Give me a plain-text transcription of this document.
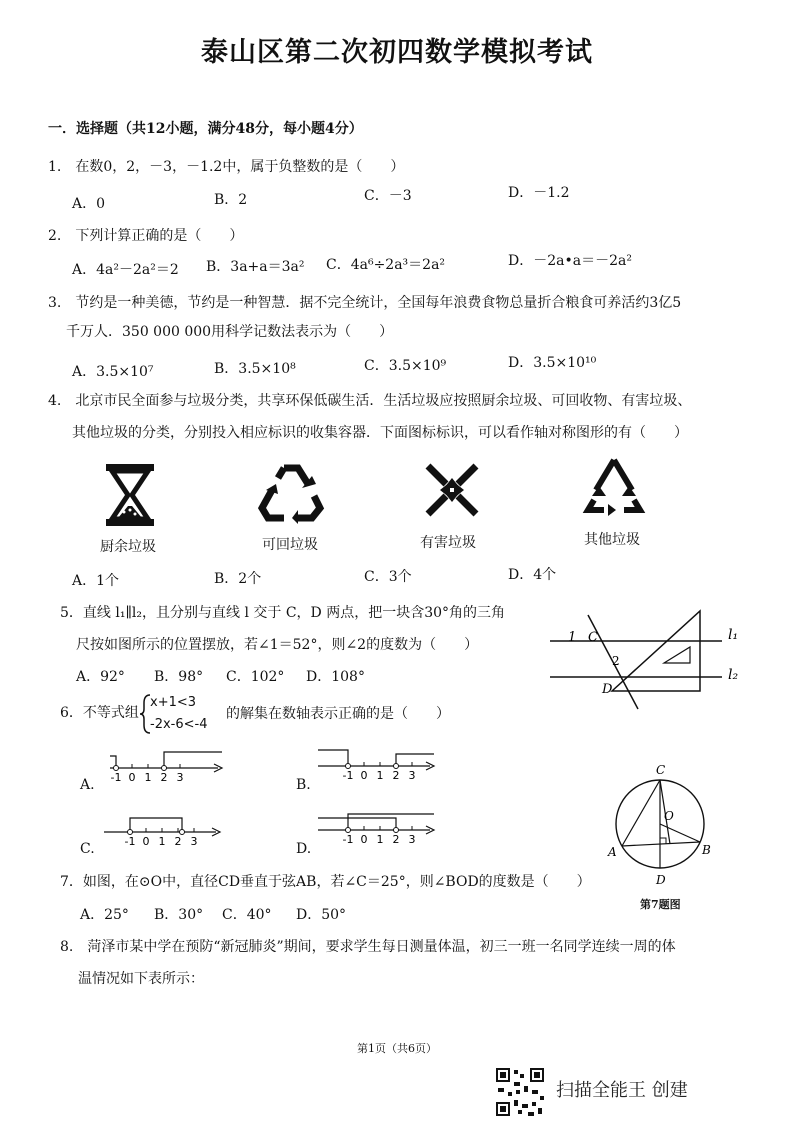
泰山区第二次初四数学模拟考试
一．选择题（共12小题，满分48分，每小题4分）
1.　在数0，2，－3，－1.2中，属于负整数的是（　　）
A．0	B．2	C．－3	D．－1.2
2.　下列计算正确的是（　　）
A．4a²－2a²＝2 B．3a+a＝3a² C．4a⁶÷2a³＝2a²	D．－2a•a＝－2a²
3.　节约是一种美德，节约是一种智慧．据不完全统计，全国每年浪费食物总量折合粮食可养活约3亿5
千万人．350 000 000用科学记数法表示为（　　）
A．3.5×10⁷	B．3.5×10⁸	C．3.5×10⁹	D．3.5×10¹⁰
4.　北京市民全面参与垃圾分类，共享环保低碳生活．生活垃圾应按照厨余垃圾、可回收物、有害垃圾、
其他垃圾的分类，分别投入相应标识的收集容器．下面图标标识，可以看作轴对称图形的有（　　）
厨余垃圾	可回垃圾	有害垃圾	其他垃圾
A．1个	B．2个	C．3个	D．4个
5．直线 l₁∥l₂，且分别与直线 l 交于 C，D 两点，把一块含30°角的三角
尺按如图所示的位置摆放，若∠1＝52°，则∠2的度数为（　　）
A．92° B．98° C．102° D．108°
1 C
2
D
l₁
l₂
6．不等式组
x+1<3
-2x-6<-4
的解集在数轴表示正确的是（　　）
A.	B.
C.	D.
-1 0 1 2 3	-1 0 1 2 3
-1 0 1 2 3	-1 0 1 2 3
C
O
A	B
D
第7题图
7．如图，在⊙O中，直径CD垂直于弦AB，若∠C＝25°，则∠BOD的度数是（　　）
A．25° B．30° C．40° D．50°
8.　菏泽市某中学在预防“新冠肺炎”期间，要求学生每日测量体温，初三一班一名同学连续一周的体
温情况如下表所示：
第1页（共6页）
扫描全能王 创建
